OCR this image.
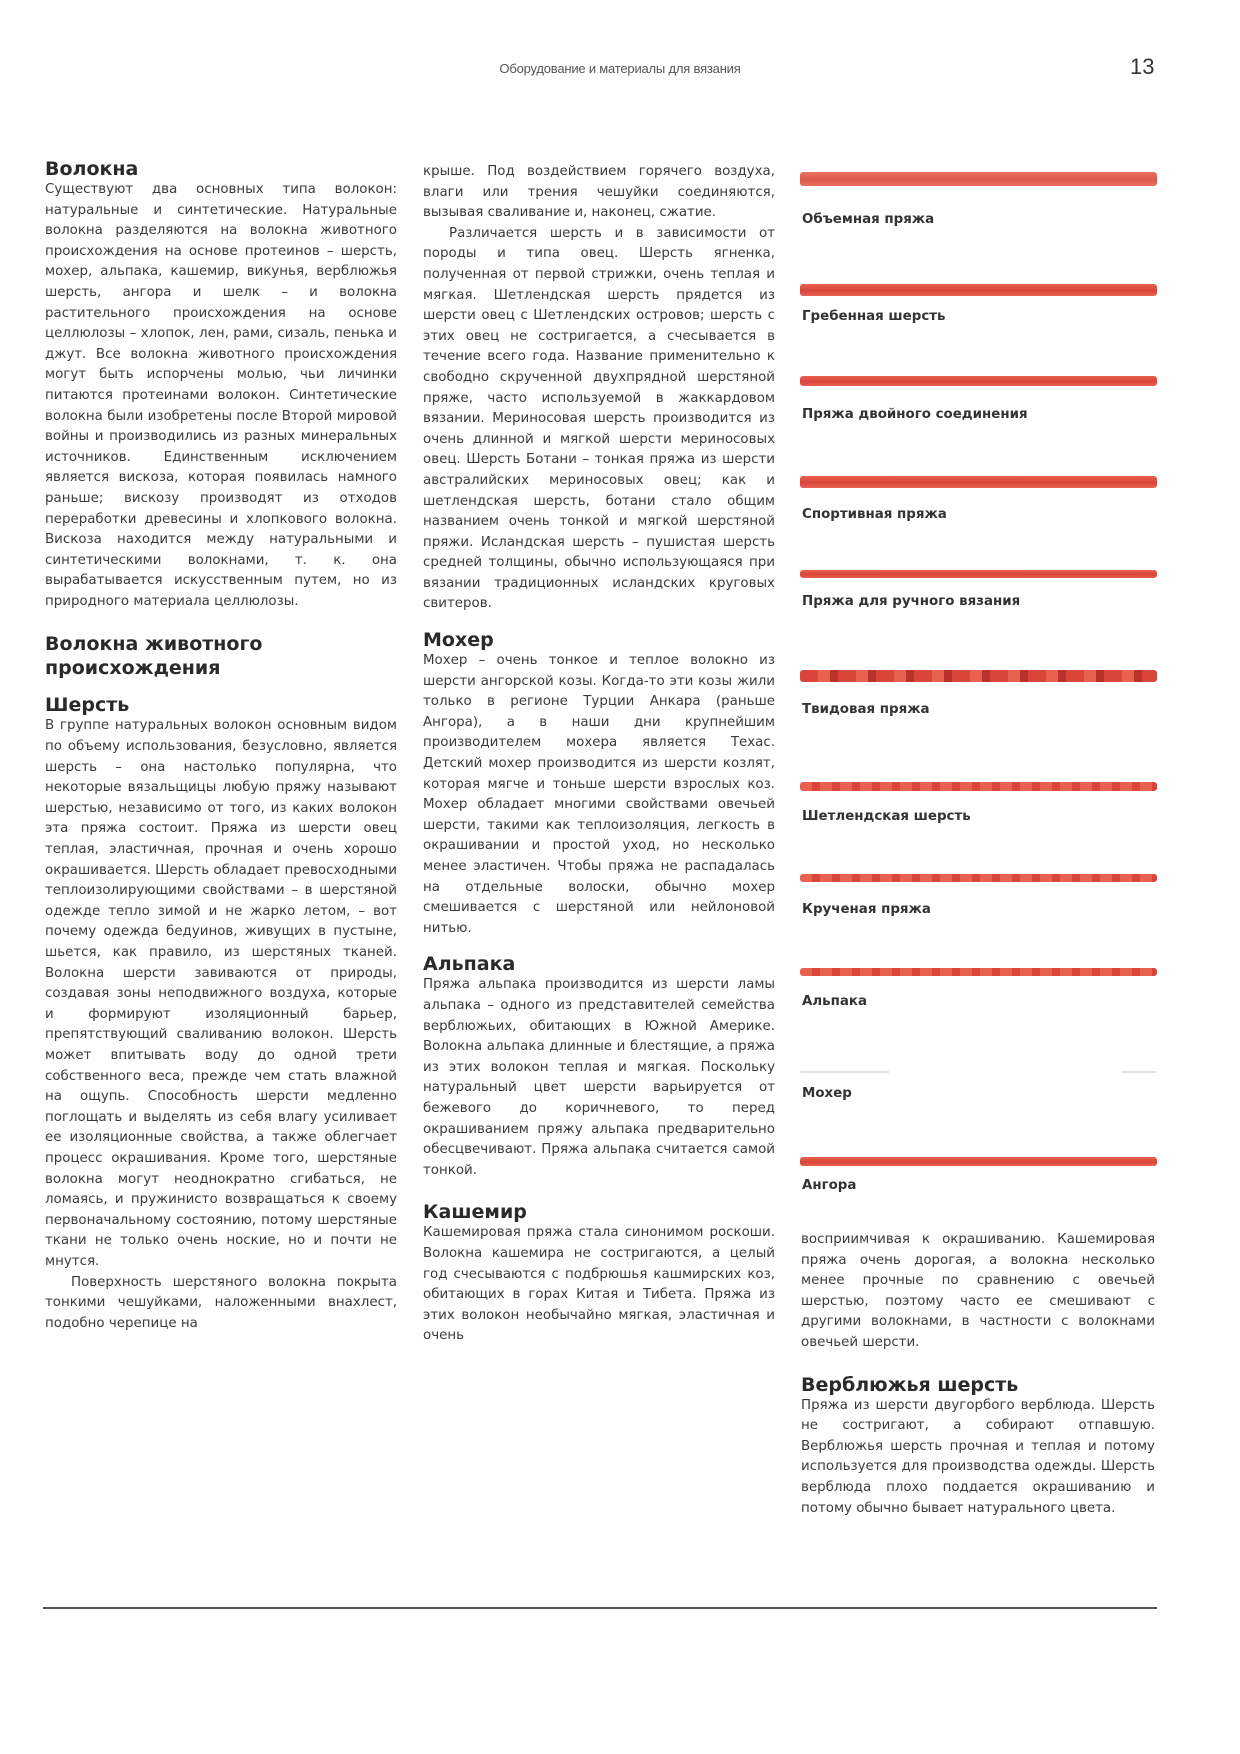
Оборудование и материалы для вязания	13
Волокна

Существуют два основных типа волокон: натуральные и синтетические. Натуральные волокна разделяются на волокна животного происхождения на основе протеинов – шерсть, мохер, альпака, кашемир, викунья, верблюжья шерсть, ангора и шелк – и волокна растительного происхождения на основе целлюлозы – хлопок, лен, рами, сизаль, пенька и джут. Все волокна животного происхождения могут быть испорчены молью, чьи личинки питаются протеинами волокон. Синтетические волокна были изобретены после Второй мировой войны и производились из разных минеральных источников. Единственным исключением является вискоза, которая появилась намного раньше; вискозу производят из отходов переработки древесины и хлопкового волокна. Вискоза находится между натуральными и синтетическими волокнами, т. к. она вырабатывается искусственным путем, но из природного материала целлюлозы.

Волокна животного происхождения
Шерсть

В группе натуральных волокон основным видом по объему использования, безусловно, является шерсть – она настолько популярна, что некоторые вязальщицы любую пряжу называют шерстью, независимо от того, из каких волокон эта пряжа состоит. Пряжа из шерсти овец теплая, эластичная, прочная и очень хорошо окрашивается. Шерсть обладает превосходными теплоизолирующими свойствами – в шерстяной одежде тепло зимой и не жарко летом, – вот почему одежда бедуинов, живущих в пустыне, шьется, как правило, из шерстяных тканей. Волокна шерсти завиваются от природы, создавая зоны неподвижного воздуха, которые и формируют изоляционный барьер, препятствующий сваливанию волокон. Шерсть может впитывать воду до одной трети собственного веса, прежде чем стать влажной на ощупь. Способность шерсти медленно поглощать и выделять из себя влагу усиливает ее изоляционные свойства, а также облегчает процесс окрашивания. Кроме того, шерстяные волокна могут неоднократно сгибаться, не ломаясь, и пружинисто возвращаться к своему первоначальному состоянию, потому шерстяные ткани не только очень ноские, но и почти не мнутся.

Поверхность шерстяного волокна покрыта тонкими чешуйками, наложенными внахлест, подобно черепице на

крыше. Под воздействием горячего воздуха, влаги или трения чешуйки соединяются, вызывая сваливание и, наконец, сжатие.

Различается шерсть и в зависимости от породы и типа овец. Шерсть ягненка, полученная от первой стрижки, очень теплая и мягкая. Шетлендская шерсть прядется из шерсти овец с Шетлендских островов; шерсть с этих овец не состригается, а счесывается в течение всего года. Название применительно к свободно скрученной двухпрядной шерстяной пряже, часто используемой в жаккардовом вязании. Мериносовая шерсть производится из очень длинной и мягкой шерсти мериносовых овец. Шерсть Ботани – тонкая пряжа из шерсти австралийских мериносовых овец; как и шетлендская шерсть, ботани стало общим названием очень тонкой и мягкой шерстяной пряжи. Исландская шерсть – пушистая шерсть средней толщины, обычно использующаяся при вязании традиционных исландских круговых свитеров.

Мохер

Мохер – очень тонкое и теплое волокно из шерсти ангорской козы. Когда-то эти козы жили только в регионе Турции Анкара (раньше Ангора), а в наши дни крупнейшим производителем мохера является Техас. Детский мохер производится из шерсти козлят, которая мягче и тоньше шерсти взрослых коз. Мохер обладает многими свойствами овечьей шерсти, такими как теплоизоляция, легкость в окрашивании и простой уход, но несколько менее эластичен. Чтобы пряжа не распадалась на отдельные волоски, обычно мохер смешивается с шерстяной или нейлоновой нитью.

Альпака

Пряжа альпака производится из шерсти ламы альпака – одного из представителей семейства верблюжьих, обитающих в Южной Америке. Волокна альпака длинные и блестящие, а пряжа из этих волокон теплая и мягкая. Поскольку натуральный цвет шерсти варьируется от бежевого до коричневого, то перед окрашиванием пряжу альпака предварительно обесцвечивают. Пряжа альпака считается самой тонкой.

Кашемир

Кашемировая пряжа стала синонимом роскоши. Волокна кашемира не состригаются, а целый год счесываются с подбрюшья кашмирских коз, обитающих в горах Китая и Тибета. Пряжа из этих волокон необычайно мягкая, эластичная и очень

Объемная пряжа
Гребенная шерсть
Пряжа двойного соединения
Спортивная пряжа
Пряжа для ручного вязания
Твидовая пряжа
Шетлендская шерсть
Крученая пряжа
Альпака
Мохер
Ангора

восприимчивая к окрашиванию. Кашемировая пряжа очень дорогая, а волокна несколько менее прочные по сравнению с овечьей шерстью, поэтому часто ее смешивают с другими волокнами, в частности с волокнами овечьей шерсти.

Верблюжья шерсть

Пряжа из шерсти двугорбого верблюда. Шерсть не состригают, а собирают отпавшую. Верблюжья шерсть прочная и теплая и потому используется для производства одежды. Шерсть верблюда плохо поддается окрашиванию и потому обычно бывает натурального цвета.
